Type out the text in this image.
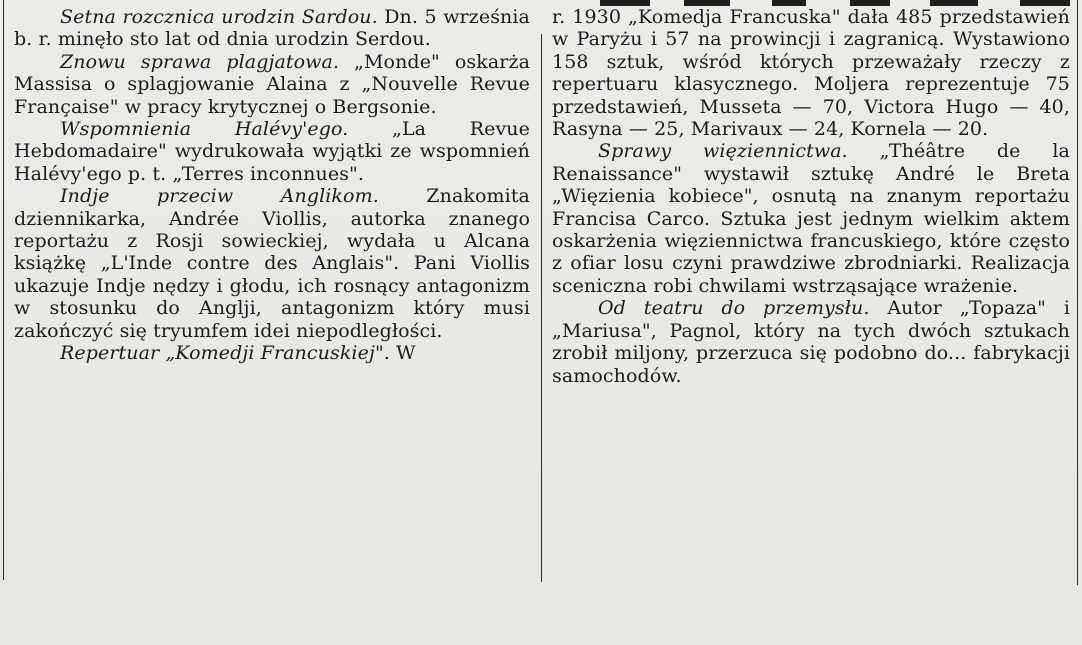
Setna rozcznica urodzin Sardou. Dn. 5 września b. r. minęło sto lat od dnia urodzin Serdou.

Znowu sprawa plagjatowa. „Monde" oskarża Massisa o splagjowanie Alaina z „Nouvelle Revue Française" w pracy krytycznej o Bergsonie.

Wspomnienia Halévy'ego. „La Revue Hebdomadaire" wydrukowała wyjątki ze wspomnień Halévy'ego p. t. „Terres inconnues".

Indje przeciw Anglikom. Znakomita dziennikarka, Andrée Viollis, autorka znanego reportażu z Rosji sowieckiej, wydała u Alcana książkę „L'Inde contre des Anglais". Pani Viollis ukazuje Indje nędzy i głodu, ich rosnący antagonizm w stosunku do Anglji, antagonizm który musi zakończyć się tryumfem idei niepodległości.

Repertuar „Komedji Francuskiej". W

r. 1930 „Komedja Francuska" dała 485 przedstawień w Paryżu i 57 na prowincji i zagranicą. Wystawiono 158 sztuk, wśród których przeważały rzeczy z repertuaru klasycznego. Moljera reprezentuje 75 przedstawień, Musseta — 70, Victora Hugo — 40, Rasyna — 25, Marivaux — 24, Kornela — 20.

Sprawy więziennictwa. „Théâtre de la Renaissance" wystawił sztukę André le Breta „Więzienia kobiece", osnutą na znanym reportażu Francisa Carco. Sztuka jest jednym wielkim aktem oskarżenia więziennictwa francuskiego, które często z ofiar losu czyni prawdziwe zbrodniarki. Realizacja sceniczna robi chwilami wstrząsające wrażenie.

Od teatru do przemysłu. Autor „Topaza" i „Mariusa", Pagnol, który na tych dwóch sztukach zrobił miljony, przerzuca się podobno do... fabrykacji samochodów.
